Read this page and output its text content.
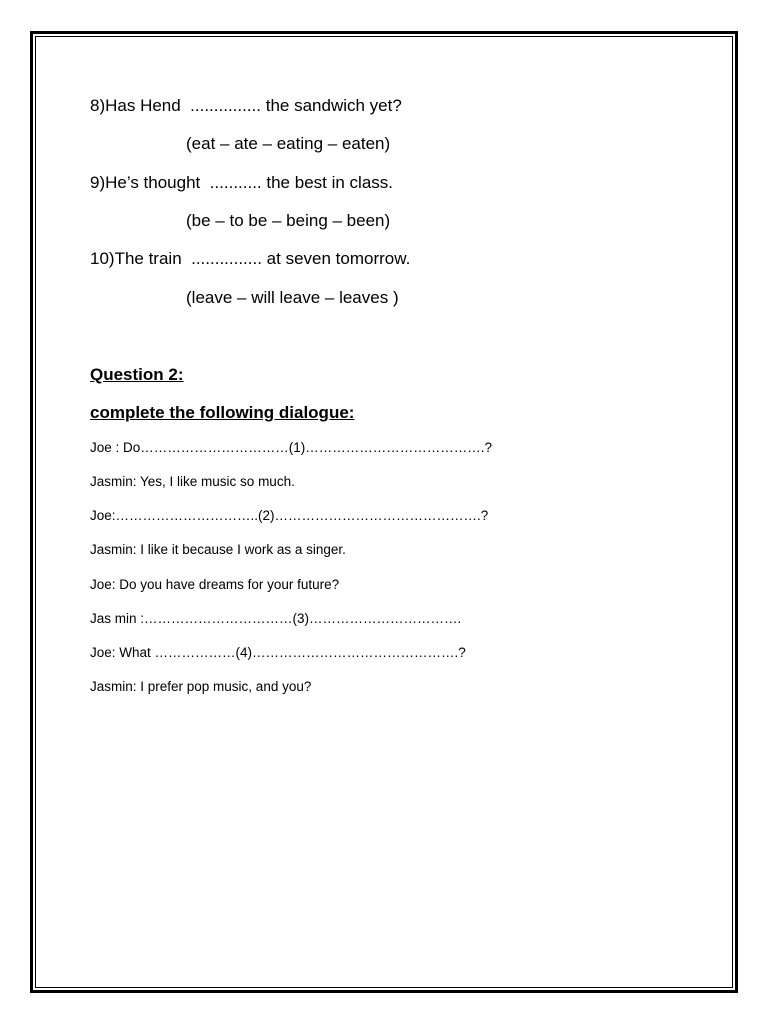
8)Has Hend  ............... the sandwich yet?
(eat – ate – eating – eaten)
9)He’s thought  ........... the best in class.
(be – to be – being – been)
10)The train  ............... at seven tomorrow.
(leave – will leave – leaves )
Question 2:
complete the following dialogue:
Joe : Do……………………………(1)………………………………….?
Jasmin: Yes, I like music so much.
Joe:…………………………..(2)……………………………………….?
Jasmin: I like it because I work as a singer.
Joe: Do you have dreams for your future?
Jas min :……………………………(3)…………………………….
Joe: What ………………(4)……………………………………….?
Jasmin: I prefer pop music, and you?
